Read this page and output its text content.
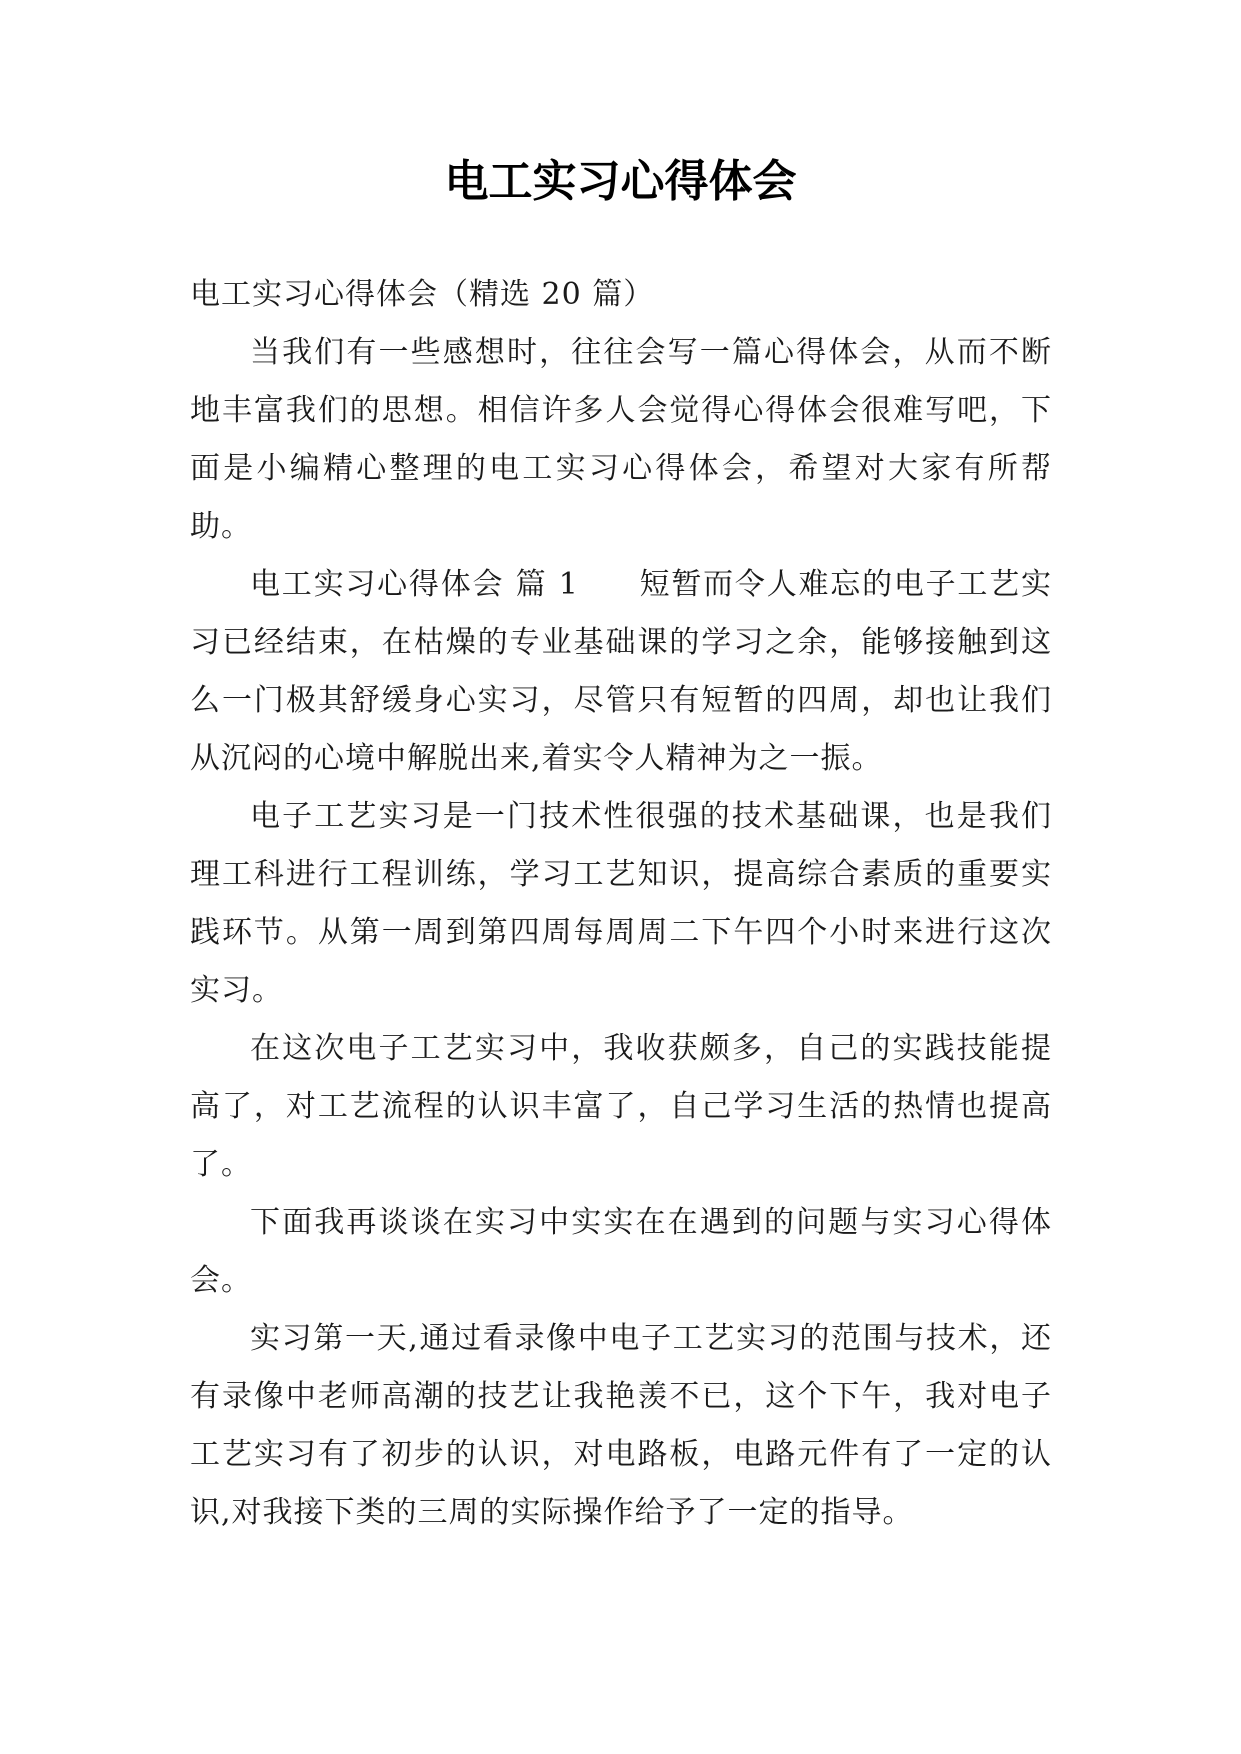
电工实习心得体会

电工实习心得体会（精选 20 篇）

当我们有一些感想时，往往会写一篇心得体会，从而不断地丰富我们的思想。相信许多人会觉得心得体会很难写吧，下面是小编精心整理的电工实习心得体会，希望对大家有所帮助。

电工实习心得体会 篇 1 短暂而令人难忘的电子工艺实习已经结束，在枯燥的专业基础课的学习之余，能够接触到这么一门极其舒缓身心实习，尽管只有短暂的四周，却也让我们从沉闷的心境中解脱出来,着实令人精神为之一振。

电子工艺实习是一门技术性很强的技术基础课，也是我们理工科进行工程训练，学习工艺知识，提高综合素质的重要实践环节。从第一周到第四周每周周二下午四个小时来进行这次实习。

在这次电子工艺实习中，我收获颇多，自己的实践技能提高了，对工艺流程的认识丰富了，自己学习生活的热情也提高了。

下面我再谈谈在实习中实实在在遇到的问题与实习心得体会。

实习第一天,通过看录像中电子工艺实习的范围与技术，还有录像中老师高潮的技艺让我艳羡不已，这个下午，我对电子工艺实习有了初步的认识，对电路板，电路元件有了一定的认识,对我接下类的三周的实际操作给予了一定的指导。
